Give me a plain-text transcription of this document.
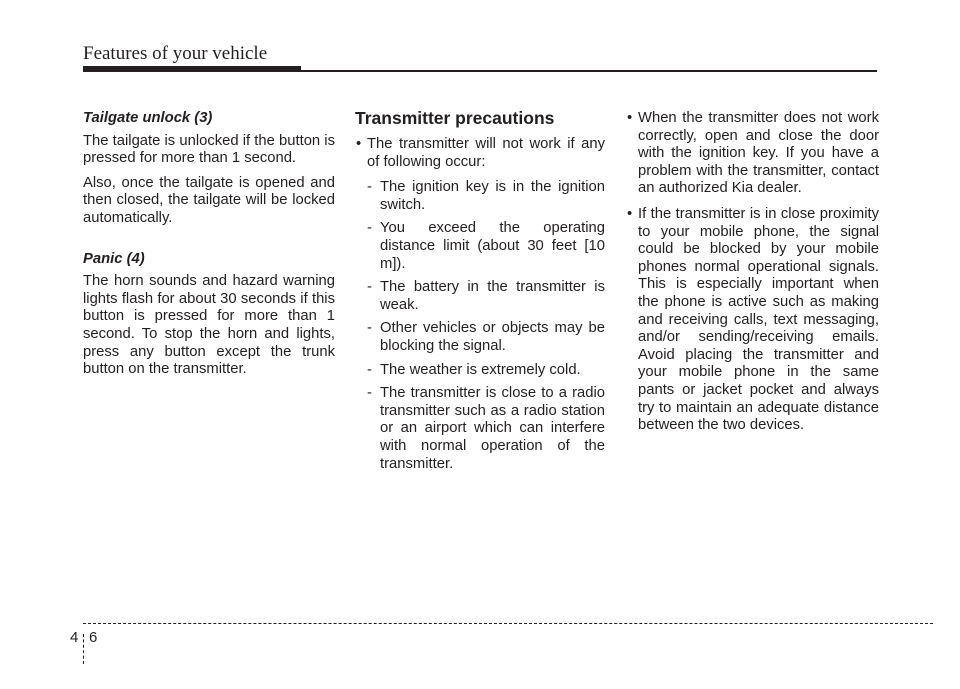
Features of your vehicle
Tailgate unlock (3)
The tailgate is unlocked if the button is pressed for more than 1 second.
Also, once the tailgate is opened and then closed, the tailgate will be locked automatically.
Panic (4)
The horn sounds and hazard warning lights flash for about 30 seconds if this button is pressed for more than 1 second. To stop the horn and lights, press any button except the trunk button on the transmitter.
Transmitter precautions
• The transmitter will not work if any of following occur:
- The ignition key is in the ignition switch.
- You exceed the operating distance limit (about 30 feet [10 m]).
- The battery in the transmitter is weak.
- Other vehicles or objects may be blocking the signal.
- The weather is extremely cold.
- The transmitter is close to a radio transmitter such as a radio station or an airport which can interfere with normal operation of the transmitter.
• When the transmitter does not work correctly, open and close the door with the ignition key. If you have a problem with the transmitter, contact an authorized Kia dealer.
• If the transmitter is in close proximity to your mobile phone, the signal could be blocked by your mobile phones normal operational signals. This is especially important when the phone is active such as making and receiving calls, text messaging, and/or sending/receiving emails. Avoid placing the transmitter and your mobile phone in the same pants or jacket pocket and always try to maintain an adequate distance between the two devices.
4 6
